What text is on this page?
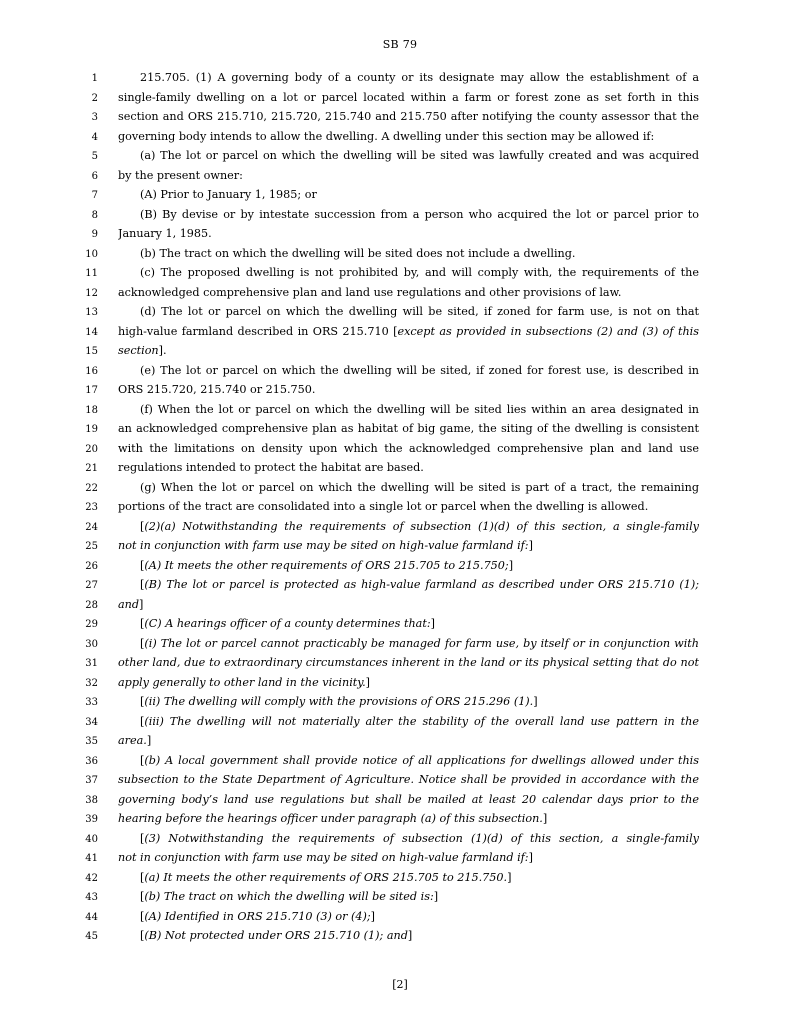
SB 79
1	215.705. (1) A governing body of a county or its designate may allow the establishment of a
2 single-family dwelling on a lot or parcel located within a farm or forest zone as set forth in this
3 section and ORS 215.710, 215.720, 215.740 and 215.750 after notifying the county assessor that the
4 governing body intends to allow the dwelling. A dwelling under this section may be allowed if:
5	(a) The lot or parcel on which the dwelling will be sited was lawfully created and was acquired
6 by the present owner:
7	(A) Prior to January 1, 1985; or
8	(B) By devise or by intestate succession from a person who acquired the lot or parcel prior to
9 January 1, 1985.
10	(b) The tract on which the dwelling will be sited does not include a dwelling.
11	(c) The proposed dwelling is not prohibited by, and will comply with, the requirements of the
12 acknowledged comprehensive plan and land use regulations and other provisions of law.
13	(d) The lot or parcel on which the dwelling will be sited, if zoned for farm use, is not on that
14 high-value farmland described in ORS 215.710 [except as provided in subsections (2) and (3) of this
15 section].
16	(e) The lot or parcel on which the dwelling will be sited, if zoned for forest use, is described in
17 ORS 215.720, 215.740 or 215.750.
18	(f) When the lot or parcel on which the dwelling will be sited lies within an area designated in
19 an acknowledged comprehensive plan as habitat of big game, the siting of the dwelling is consistent
20 with the limitations on density upon which the acknowledged comprehensive plan and land use
21 regulations intended to protect the habitat are based.
22	(g) When the lot or parcel on which the dwelling will be sited is part of a tract, the remaining
23 portions of the tract are consolidated into a single lot or parcel when the dwelling is allowed.
24	[(2)(a) Notwithstanding the requirements of subsection (1)(d) of this section, a single-family
25 not in conjunction with farm use may be sited on high-value farmland if:]
26	[(A) It meets the other requirements of ORS 215.705 to 215.750;]
27	[(B) The lot or parcel is protected as high-value farmland as described under ORS 215.710 (1);
28 and]
29	[(C) A hearings officer of a county determines that:]
30	[(i) The lot or parcel cannot practicably be managed for farm use, by itself or in conjunction with
31 other land, due to extraordinary circumstances inherent in the land or its physical setting that do not
32 apply generally to other land in the vicinity.]
33	[(ii) The dwelling will comply with the provisions of ORS 215.296 (1).]
34	[(iii) The dwelling will not materially alter the stability of the overall land use pattern in the
35 area.]
36	[(b) A local government shall provide notice of all applications for dwellings allowed under this
37 subsection to the State Department of Agriculture. Notice shall be provided in accordance with the
38 governing body’s land use regulations but shall be mailed at least 20 calendar days prior to the
39 hearing before the hearings officer under paragraph (a) of this subsection.]
40	[(3) Notwithstanding the requirements of subsection (1)(d) of this section, a single-family
41 not in conjunction with farm use may be sited on high-value farmland if:]
42	[(a) It meets the other requirements of ORS 215.705 to 215.750.]
43	[(b) The tract on which the dwelling will be sited is:]
44	[(A) Identified in ORS 215.710 (3) or (4);]
45	[(B) Not protected under ORS 215.710 (1); and]
[2]
